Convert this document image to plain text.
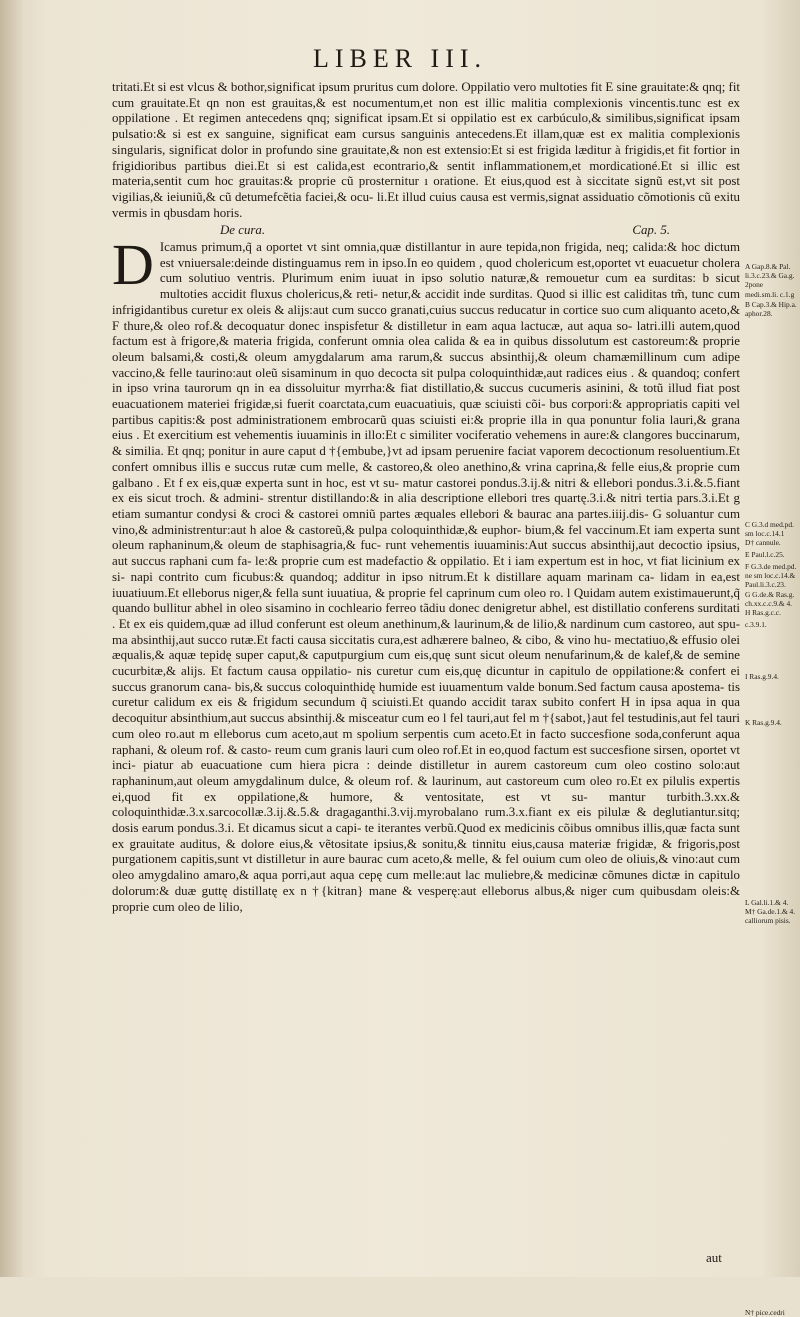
LIBER III.

tritati.Et si est vlcus & bothor,significat ipsum pruritus cum dolore. Oppilatio vero multoties fit E sine grauitate:& qnq; fit cum grauitate.Et qn non est grauitas,& est nocumentum,et non est illic malitia complexionis vincentis.tunc est ex oppilatione . Et regimen antecedens qnq; significat ipsam.Et si oppilatio est ex carbúculo,& similibus,significat ipsam pulsatio:& si est ex sanguine, significat eam cursus sanguinis antecedens.Et illam,quæ est ex malitia complexionis singularis, significat dolor in profundo sine grauitate,& non est extensio:Et si est frigida læditur à frigidis,et fit fortior in frigidioribus partibus diei.Et si est calida,est econtrario,& sentit inflammationem,et mordicationé.Et si illic est materia,sentit cum hoc grauitas:& proprie cũ prosternitur ı oratione. Et eius,quod est à siccitate signũ est,vt sit post vigilias,& ieiuniũ,& cũ detumefcẽtia faciei,& ocu- li.Et illud cuius causa est vermis,signat assiduatio cõmotionis cũ exitu vermis in qbusdam horis.

De cura.	Cap. 5.

D Icamus primum,q̃ a oportet vt sint omnia,quæ distillantur in aure tepida,non frigida, neq; calida:& hoc dictum est vniuersale:deinde distinguamus rem in ipso.In eo quidem , quod cholericum est,oportet vt euacuetur cholera cum solutiuo ventris. Plurimum enim iuuat in ipso solutio naturæ,& remouetur cum ea surditas: b sicut multoties accidit fluxus cholericus,& reti- netur,& accidit inde surditas. Quod si illic est caliditas tm̃, tunc cum infrigidantibus curetur ex oleis & alijs:aut cum succo granati,cuius succus reducatur in cortice suo cum aliquanto aceto,& F thure,& oleo rof.& decoquatur donec inspisfetur & distilletur in eam aqua lactucæ, aut aqua so- latri.illi autem,quod factum est à frigore,& materia frigida, conferunt omnia olea calida & ea in quibus dissolutum est castoreum:& proprie oleum balsami,& costi,& oleum amygdalarum ama rarum,& succus absinthij,& oleum chamæmillinum cum adipe vaccino,& felle taurino:aut oleũ sisaminum in quo decocta sit pulpa coloquinthidæ,aut radices eius . & quandoq; confert in ipso vrina taurorum qn in ea dissoluitur myrrha:& fiat distillatio,& succus cucumeris asinini, & totũ illud fiat post euacuationem materiei frigidæ,si fuerit coarctata,cum euacuatiuis, quæ sciuisti cõi- bus corpori:& appropriatis capiti vel partibus capitis:& post administrationem embrocarũ quas sciuisti ei:& proprie illa in qua ponuntur folia lauri,& grana eius . Et exercitium est vehementis iuuaminis in illo:Et c similiter vociferatio vehemens in aure:& clangores buccinarum, & similia. Et qnq; ponitur in aure caput d †{embube,}vt ad ipsam peruenire faciat vaporem decoctionum resoluentium.Et confert omnibus illis e succus rutæ cum melle, & castoreo,& oleo anethino,& vrina caprina,& felle eius,& proprie cum galbano . Et f ex eis,quæ experta sunt in hoc, est vt su- matur castorei pondus.3.ij.& nitri & ellebori pondus.3.i.&.5.fiant ex eis sicut troch. & admini- strentur distillando:& in alia descriptione ellebori tres quartę.3.i.& nitri tertia pars.3.i.Et g etiam sumantur condysi & croci & castorei omniũ partes æquales ellebori & baurac ana partes.iiij.dis- G soluantur cum vino,& administrentur:aut h aloe & castoreũ,& pulpa coloquinthidæ,& euphor- bium,& fel vaccinum.Et iam experta sunt oleum raphaninum,& oleum de staphisagria,& fuc- runt vehementis iuuaminis:Aut succus absinthij,aut decoctio ipsius, aut succus raphani cum fa- le:& proprie cum est madefactio & oppilatio. Et i iam expertum est in hoc, vt fiat licinium ex si- napi contrito cum ficubus:& quandoq; additur in ipso nitrum.Et k distillare aquam marinam ca- lidam in ea,est iuuatiuum.Et elleborus niger,& fella sunt iuuatiua, & proprie fel caprinum cum oleo ro. l Quidam autem existimauerunt,q̃ quando bullitur abhel in oleo sisamino in cochleario ferreo tãdiu donec denigretur abhel, est distillatio conferens surditati . Et ex eis quidem,quæ ad illud conferunt est oleum anethinum,& laurinum,& de lilio,& nardinum cum castoreo, aut spu- ma absinthij,aut succo rutæ.Et facti causa siccitatis cura,est adhærere balneo, & cibo, & vino hu- mectatiuo,& effusio olei æqualis,& aquæ tepidę super caput,& caputpurgium cum eis,quę sunt sicut oleum nenufarinum,& de kalef,& de semine cucurbitæ,& alijs. Et factum causa oppilatio- nis curetur cum eis,quę dicuntur in capitulo de oppilatione:& confert ei succus granorum cana- bis,& succus coloquinthidę humide est iuuamentum valde bonum.Sed factum causa apostema- tis curetur calidum ex eis & frigidum secundum q̃ sciuisti.Et quando accidit tarax subito confert H in ipsa aqua in qua decoquitur absinthium,aut succus absinthij.& misceatur cum eo l fel tauri,aut fel m †{sabot,}aut fel testudinis,aut fel tauri cum oleo ro.aut m elleborus cum aceto,aut m spolium serpentis cum aceto.Et in facto succesfione soda,conferunt aqua raphani, & oleum rof. & casto- reum cum granis lauri cum oleo rof.Et in eo,quod factum est succesfione sirsen, oportet vt inci- piatur ab euacuatione cum hiera picra : deinde distilletur in aurem castoreum cum oleo costino solo:aut raphaninum,aut oleum amygdalinum dulce, & oleum rof. & laurinum, aut castoreum cum oleo ro.Et ex pilulis expertis ei,quod fit ex oppilatione,& humore, & ventositate, est vt su- mantur turbith.3.xx.& coloquinthidæ.3.x.sarcocollæ.3.ij.&.5.& dragaganthi.3.vij.myrobalano rum.3.x.fiant ex eis pilulæ & deglutiantur.sitq; dosis earum pondus.3.i. Et dicamus sicut a capi- te iterantes verbũ.Quod ex medicinis cõibus omnibus illis,quæ facta sunt ex grauitate auditus, & dolore eius,& vẽtositate ipsius,& sonitu,& tinnitu eius,causa materiæ frigidæ, & frigoris,post purgationem capitis,sunt vt distilletur in aure baurac cum aceto,& melle, & fel ouium cum oleo de oliuis,& vino:aut cum oleo amygdalino amaro,& aqua porri,aut aqua cepę cum melle:aut lac muliebre,& medicinæ cõmunes dictæ in capitulo dolorum:& duæ guttę distillatę ex n †{kitran} mane & vesperę:aut elleborus albus,& niger cum quibusdam oleis:& proprie cum oleo de lilio,

A Gap.8.& Pal. li.3.c.23.& Ga.g. 2pone medi.sm.li. c.1.g
B Cap.3.& Hip.a. aphor.28.
C G.3.d med.pd. sm loc.c.14.1
D† cannule.
E Paul.l.c.25.
F G.3.de med.pd. ne sm loc.c.14.& Paul.li.3.c.23.
G G.de.& Ras.g. ch.xx.c.c.9.& 4.
H Ras.g.c.c.
c.3.9.1.
I Ras.g.9.4.
K Ras.g.9.4.
L Gal.li.1.& 4. M† Ga.de.1.& 4. calliorum pisis.
N† pice.cedri
aut
